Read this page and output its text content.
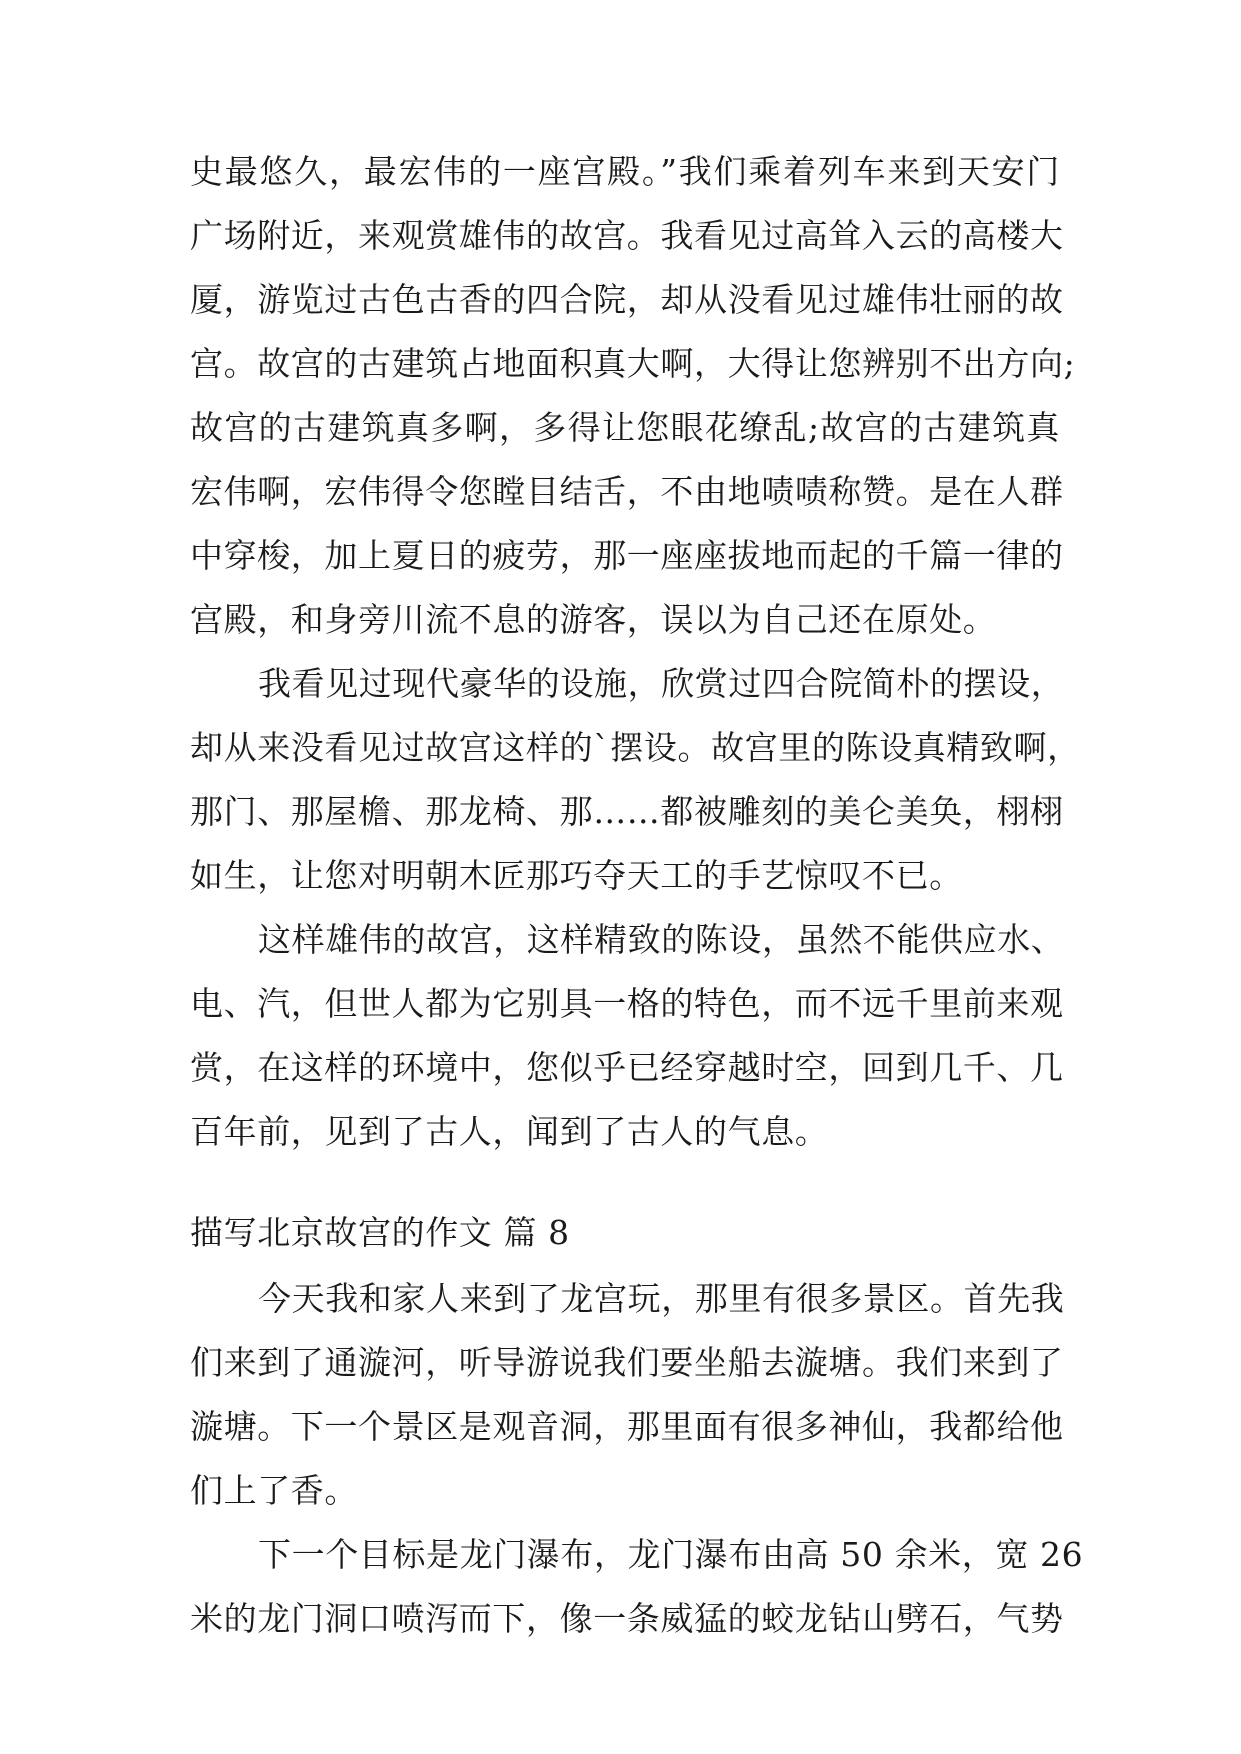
史最悠久，最宏伟的一座宫殿。”我们乘着列车来到天安门
广场附近，来观赏雄伟的故宫。我看见过高耸入云的高楼大
厦，游览过古色古香的四合院，却从没看见过雄伟壮丽的故
宫。故宫的古建筑占地面积真大啊，大得让您辨别不出方向;
故宫的古建筑真多啊，多得让您眼花缭乱;故宫的古建筑真
宏伟啊，宏伟得令您瞠目结舌，不由地啧啧称赞。是在人群
中穿梭，加上夏日的疲劳，那一座座拔地而起的千篇一律的
宫殿，和身旁川流不息的游客，误以为自己还在原处。
我看见过现代豪华的设施，欣赏过四合院简朴的摆设，
却从来没看见过故宫这样的`摆设。故宫里的陈设真精致啊，
那门、那屋檐、那龙椅、那……都被雕刻的美仑美奂，栩栩
如生，让您对明朝木匠那巧夺天工的手艺惊叹不已。
这样雄伟的故宫，这样精致的陈设，虽然不能供应水、
电、汽，但世人都为它别具一格的特色，而不远千里前来观
赏，在这样的环境中，您似乎已经穿越时空，回到几千、几
百年前，见到了古人，闻到了古人的气息。
描写北京故宫的作文 篇 8
今天我和家人来到了龙宫玩，那里有很多景区。首先我
们来到了通漩河，听导游说我们要坐船去漩塘。我们来到了
漩塘。下一个景区是观音洞，那里面有很多神仙，我都给他
们上了香。
下一个目标是龙门瀑布，龙门瀑布由高 50 余米，宽 26
米的龙门洞口喷泻而下，像一条威猛的蛟龙钻山劈石，气势
